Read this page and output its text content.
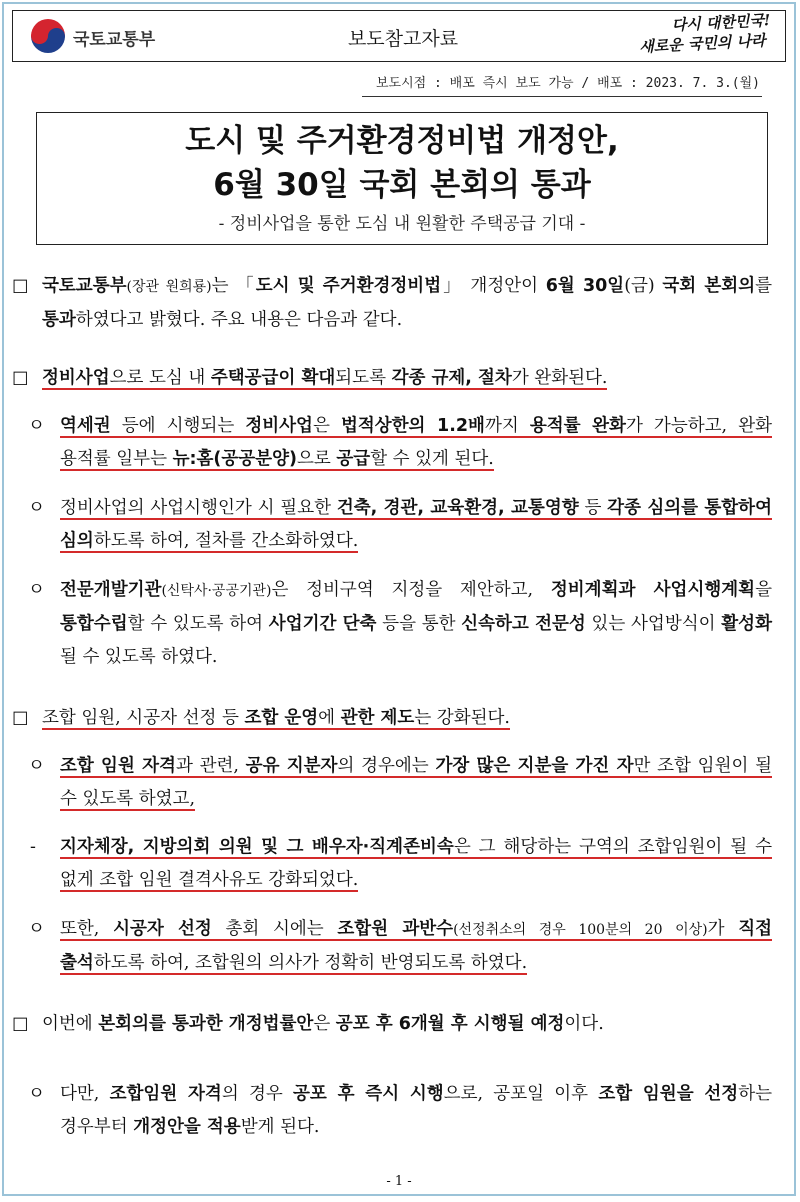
국토교통부	보도참고자료
다시 대한민국!

새로운 국민의 나라
보도시점 : 배포 즉시 보도 가능 / 배포 : 2023. 7. 3.(월)
도시 및 주거환경정비법 개정안,
6월 30일 국회 본회의 통과
- 정비사업을 통한 도심 내 원활한 주택공급 기대 -
□ 국토교통부(장관 원희룡)는 「도시 및 주거환경정비법」 개정안이 6월 30일(금) 국회 본회의를 통과하였다고 밝혔다. 주요 내용은 다음과 같다.
□ 정비사업으로 도심 내 주택공급이 확대되도록 각종 규제, 절차가 완화된다.
ㅇ 역세권 등에 시행되는 정비사업은 법적상한의 1.2배까지 용적률 완화가 가능하고, 완화 용적률 일부는 뉴:홈(공공분양)으로 공급할 수 있게 된다.
ㅇ 정비사업의 사업시행인가 시 필요한 건축, 경관, 교육환경, 교통영향 등 각종 심의를 통합하여 심의하도록 하여, 절차를 간소화하였다.
ㅇ 전문개발기관(신탁사·공공기관)은 정비구역 지정을 제안하고, 정비계획과 사업시행계획을 통합수립할 수 있도록 하여 사업기간 단축 등을 통한 신속하고 전문성 있는 사업방식이 활성화 될 수 있도록 하였다.
□ 조합 임원, 시공자 선정 등 조합 운영에 관한 제도는 강화된다.
ㅇ 조합 임원 자격과 관련, 공유 지분자의 경우에는 가장 많은 지분을 가진 자만 조합 임원이 될 수 있도록 하였고,
- 지자체장, 지방의회 의원 및 그 배우자·직계존비속은 그 해당하는 구역의 조합임원이 될 수 없게 조합 임원 결격사유도 강화되었다.
ㅇ 또한, 시공자 선정 총회 시에는 조합원 과반수(선정취소의 경우 100분의 20 이상)가 직접 출석하도록 하여, 조합원의 의사가 정확히 반영되도록 하였다.
□ 이번에 본회의를 통과한 개정법률안은 공포 후 6개월 후 시행될 예정이다.
ㅇ 다만, 조합임원 자격의 경우 공포 후 즉시 시행으로, 공포일 이후 조합 임원을 선정하는 경우부터 개정안을 적용받게 된다.
- 1 -
